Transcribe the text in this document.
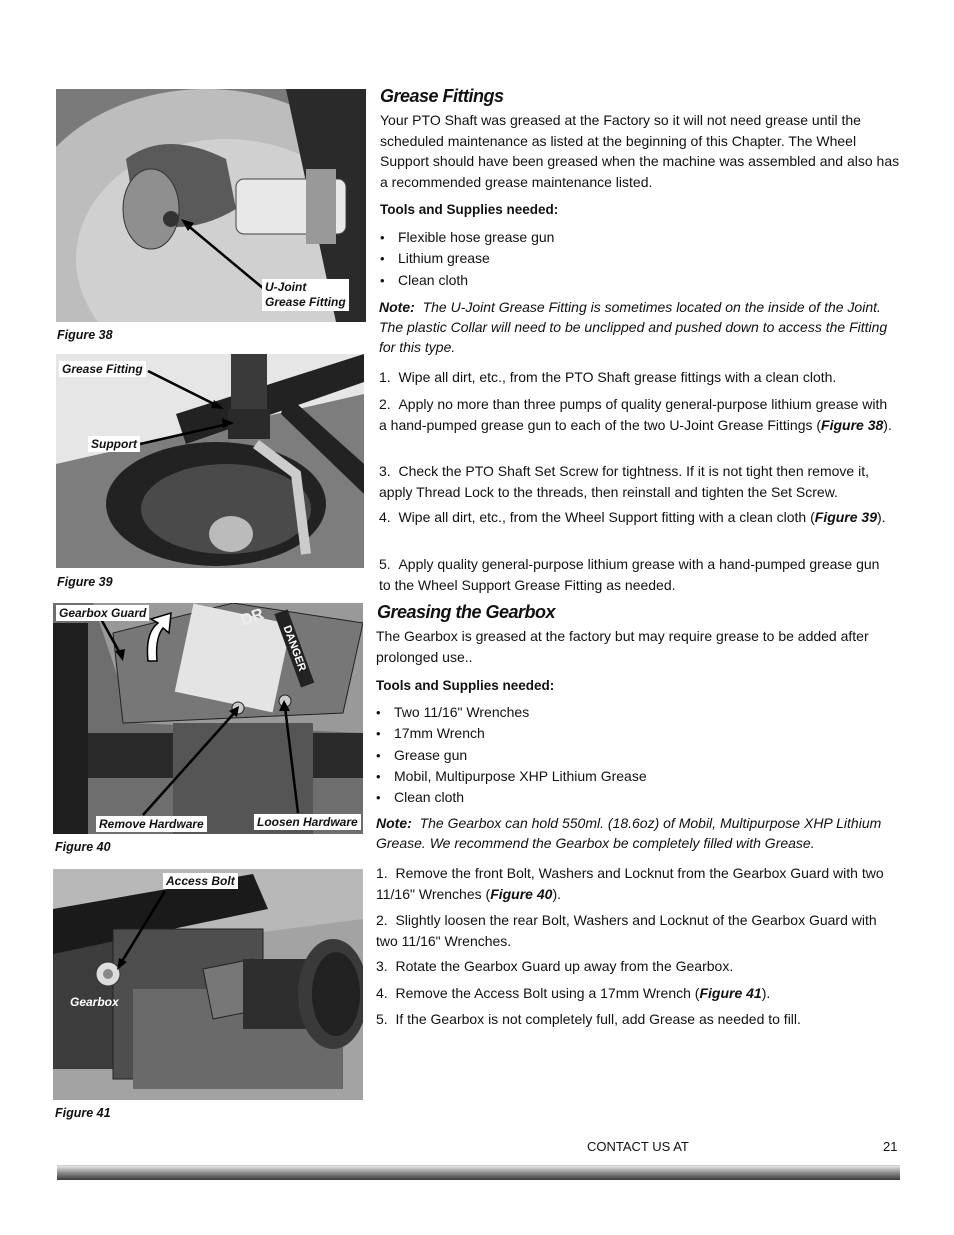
U-Joint
Grease Fitting
Figure 38
Grease Fitting
Support
Figure 39
DANGER
DR
Gearbox Guard
Remove Hardware	Loosen Hardware
Figure 40
Access Bolt
Gearbox
Figure 41
Grease Fittings

Your PTO Shaft was greased at the Factory so it will not need grease until the scheduled maintenance as listed at the beginning of this Chapter. The Wheel Support should have been greased when the machine was assembled and also has a recommended grease maintenance listed.

Tools and Supplies needed:
• Flexible hose grease gun
• Lithium grease
• Clean cloth

Note: The U-Joint Grease Fitting is sometimes located on the inside of the Joint. The plastic Collar will need to be unclipped and pushed down to access the Fitting for this type.

1. Wipe all dirt, etc., from the PTO Shaft grease fittings with a clean cloth.

2. Apply no more than three pumps of quality general-purpose lithium grease with a hand-pumped grease gun to each of the two U-Joint Grease Fittings (Figure 38).

3. Check the PTO Shaft Set Screw for tightness. If it is not tight then remove it, apply Thread Lock to the threads, then reinstall and tighten the Set Screw.

4. Wipe all dirt, etc., from the Wheel Support fitting with a clean cloth (Figure 39).

5. Apply quality general-purpose lithium grease with a hand-pumped grease gun to the Wheel Support Grease Fitting as needed.

Greasing the Gearbox

The Gearbox is greased at the factory but may require grease to be added after prolonged use..

Tools and Supplies needed:
• Two 11/16" Wrenches
• 17mm Wrench
• Grease gun
• Mobil, Multipurpose XHP Lithium Grease
• Clean cloth

Note: The Gearbox can hold 550ml. (18.6oz) of Mobil, Multipurpose XHP Lithium Grease. We recommend the Gearbox be completely filled with Grease.

1. Remove the front Bolt, Washers and Locknut from the Gearbox Guard with two 11/16" Wrenches (Figure 40).

2. Slightly loosen the rear Bolt, Washers and Locknut of the Gearbox Guard with two 11/16" Wrenches.

3. Rotate the Gearbox Guard up away from the Gearbox.

4. Remove the Access Bolt using a 17mm Wrench (Figure 41).

5. If the Gearbox is not completely full, add Grease as needed to fill.

CONTACT US AT	21
